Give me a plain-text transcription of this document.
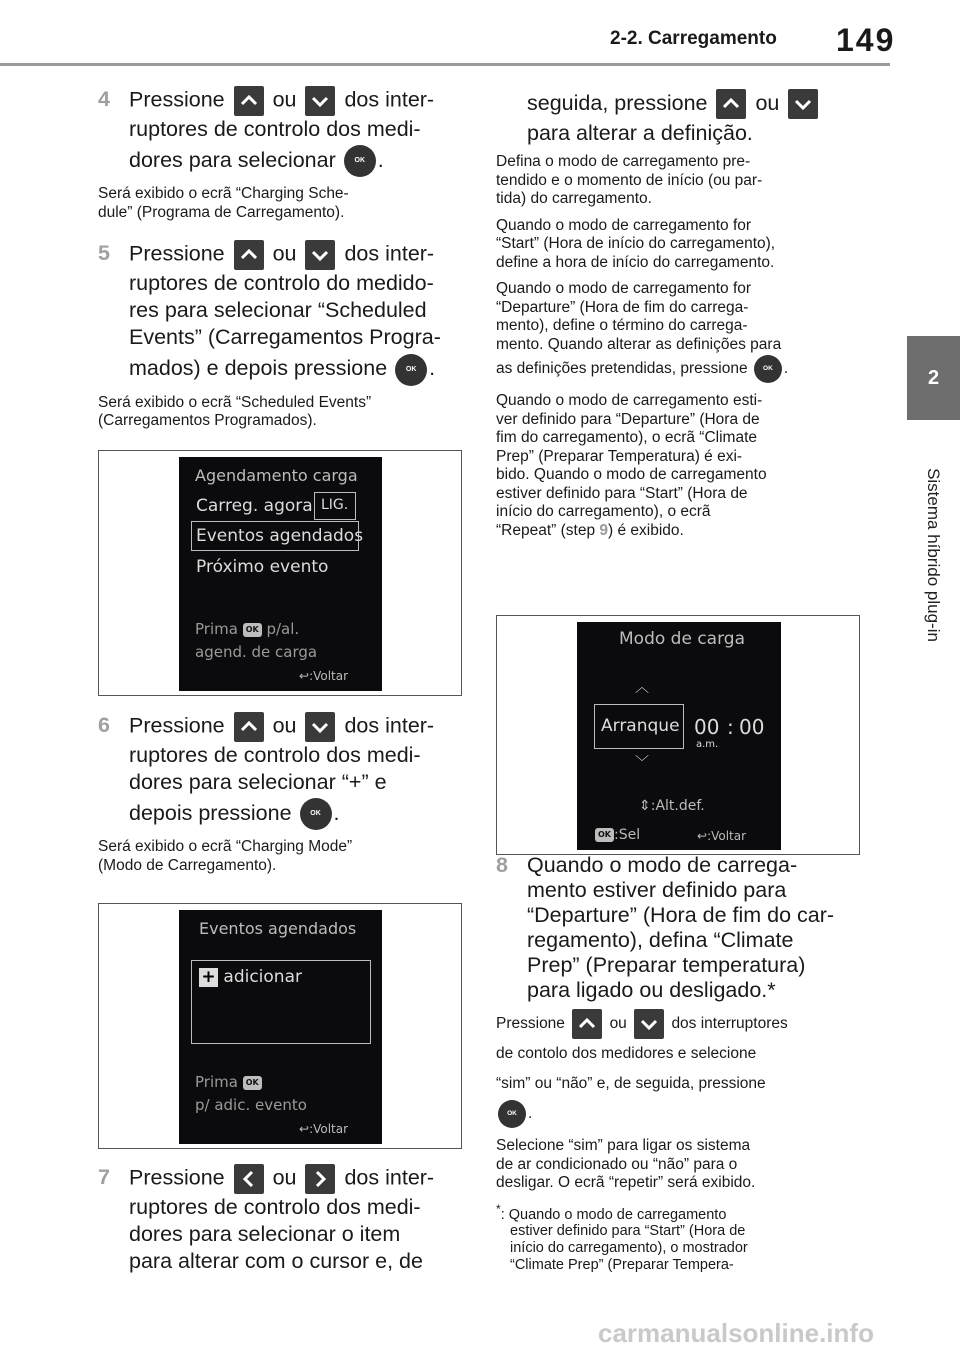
2-2. Carregamento 149
2
Sistema híbrido plug-in
4 Pressione ou dos inter-
ruptores de controlo dos medi-
dores para selecionar	OK .
Será exibido o ecrã “Charging Sche-
dule” (Programa de Carregamento).
5 Pressione ou dos inter-
ruptores de controlo do medido-
res para selecionar “Scheduled
Events” (Carregamentos Progra-
mados) e depois pressione	OK .
Será exibido o ecrã “Scheduled Events”
(Carregamentos Programados).
Agendamento carga
Carreg. agora LIG.
Eventos agendados
Próximo evento
Prima OK p/al.
agend. de carga
↩:Voltar
6 Pressione ou dos inter-
ruptores de controlo dos medi-
dores para selecionar “+” e
depois pressione	OK .
Será exibido o ecrã “Charging Mode”
(Modo de Carregamento).
Eventos agendados
+ adicionar
Prima OK
p/ adic. evento
↩:Voltar
7 Pressione ou dos inter-
ruptores de controlo dos medi-
dores para selecionar o item
para alterar com o cursor e, de
seguida, pressione ou
para alterar a definição.
Defina o modo de carregamento pre-
tendido e o momento de início (ou par-
tida) do carregamento.
Quando o modo de carregamento for
“Start” (Hora de início do carregamento),
define a hora de início do carregamento.
Quando o modo de carregamento for
“Departure” (Hora de fim do carrega-
mento), define o término do carrega-
mento. Quando alterar as definições para
as definições pretendidas, pressione OK .
Quando o modo de carregamento esti-
ver definido para “Departure” (Hora de
fim do carregamento), o ecrã “Climate
Prep” (Preparar Temperatura) é exi-
bido. Quando o modo de carregamento
estiver definido para “Start” (Hora de
início do carregamento), o ecrã
“Repeat” (step 9) é exibido.
Modo de carga
︿
Arranque 00 : 00
a.m.
﹀
⇕:Alt.def.
OK :Sel	↩:Voltar
8 Quando o modo de carrega-
mento estiver definido para
“Departure” (Hora de fim do car-
regamento), defina “Climate
Prep” (Preparar temperatura)
para ligado ou desligado.*
Pressione	ou	dos interruptores
de contolo dos medidores e selecione
“sim” ou “não” e, de seguida, pressione
OK .
Selecione “sim” para ligar os sistema
de ar condicionado ou “não” para o
desligar. O ecrã “repetir” será exibido.
*: Quando o modo de carregamento
estiver definido para “Start” (Hora de
início do carregamento), o mostrador
“Climate Prep” (Preparar Tempera-
carmanualsonline.info
